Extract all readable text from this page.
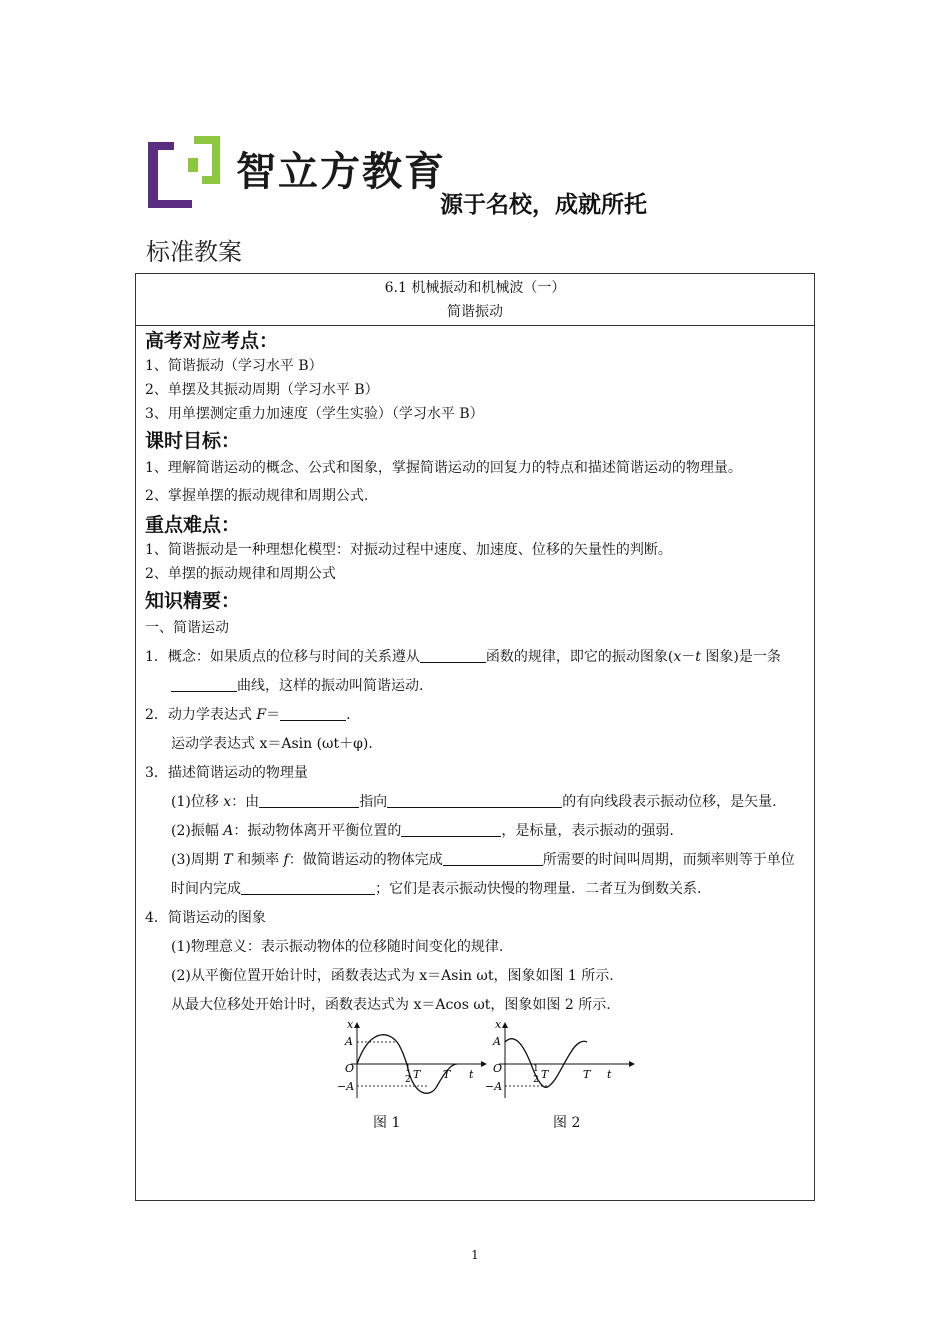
智立方教育
源于名校，成就所托
标准教案
6.1 机械振动和机械波（一）
简谐振动
高考对应考点：
1、简谐振动（学习水平 B）
2、单摆及其振动周期（学习水平 B）
3、用单摆测定重力加速度（学生实验）（学习水平 B）
课时目标：
1、理解简谐运动的概念、公式和图象，掌握简谐运动的回复力的特点和描述简谐运动的物理量。
2、掌握单摆的振动规律和周期公式.
重点难点：
1、简谐振动是一种理想化模型：对振动过程中速度、加速度、位移的矢量性的判断。
2、单摆的振动规律和周期公式
知识精要：
一、简谐运动
1．概念：如果质点的位移与时间的关系遵从	函数的规律，即它的振动图象(x－t 图象)是一条曲线，这样的振动叫简谐运动.
2．动力学表达式 F＝	.
运动学表达式 x＝Asin (ωt＋φ).
3．描述简谐运动的物理量
(1)位移 x：由	指向	的有向线段表示振动位移，是矢量.
(2)振幅 A：振动物体离开平衡位置的	，是标量，表示振动的强弱.
(3)周期 T 和频率 f：做简谐运动的物体完成	所需要的时间叫周期，而频率则等于单位时间内完成	；它们是表示振动快慢的物理量．二者互为倒数关系.
4．简谐运动的图象
(1)物理意义：表示振动物体的位移随时间变化的规律.
(2)从平衡位置开始计时，函数表达式为 x＝Asin ωt，图象如图 1 所示.
从最大位移处开始计时，函数表达式为 x＝Acos ωt，图象如图 2 所示.
x
A
O
−A
1
2 T T t
x
A
O
−A
1
2 T	T t
图 1	图 2
1
